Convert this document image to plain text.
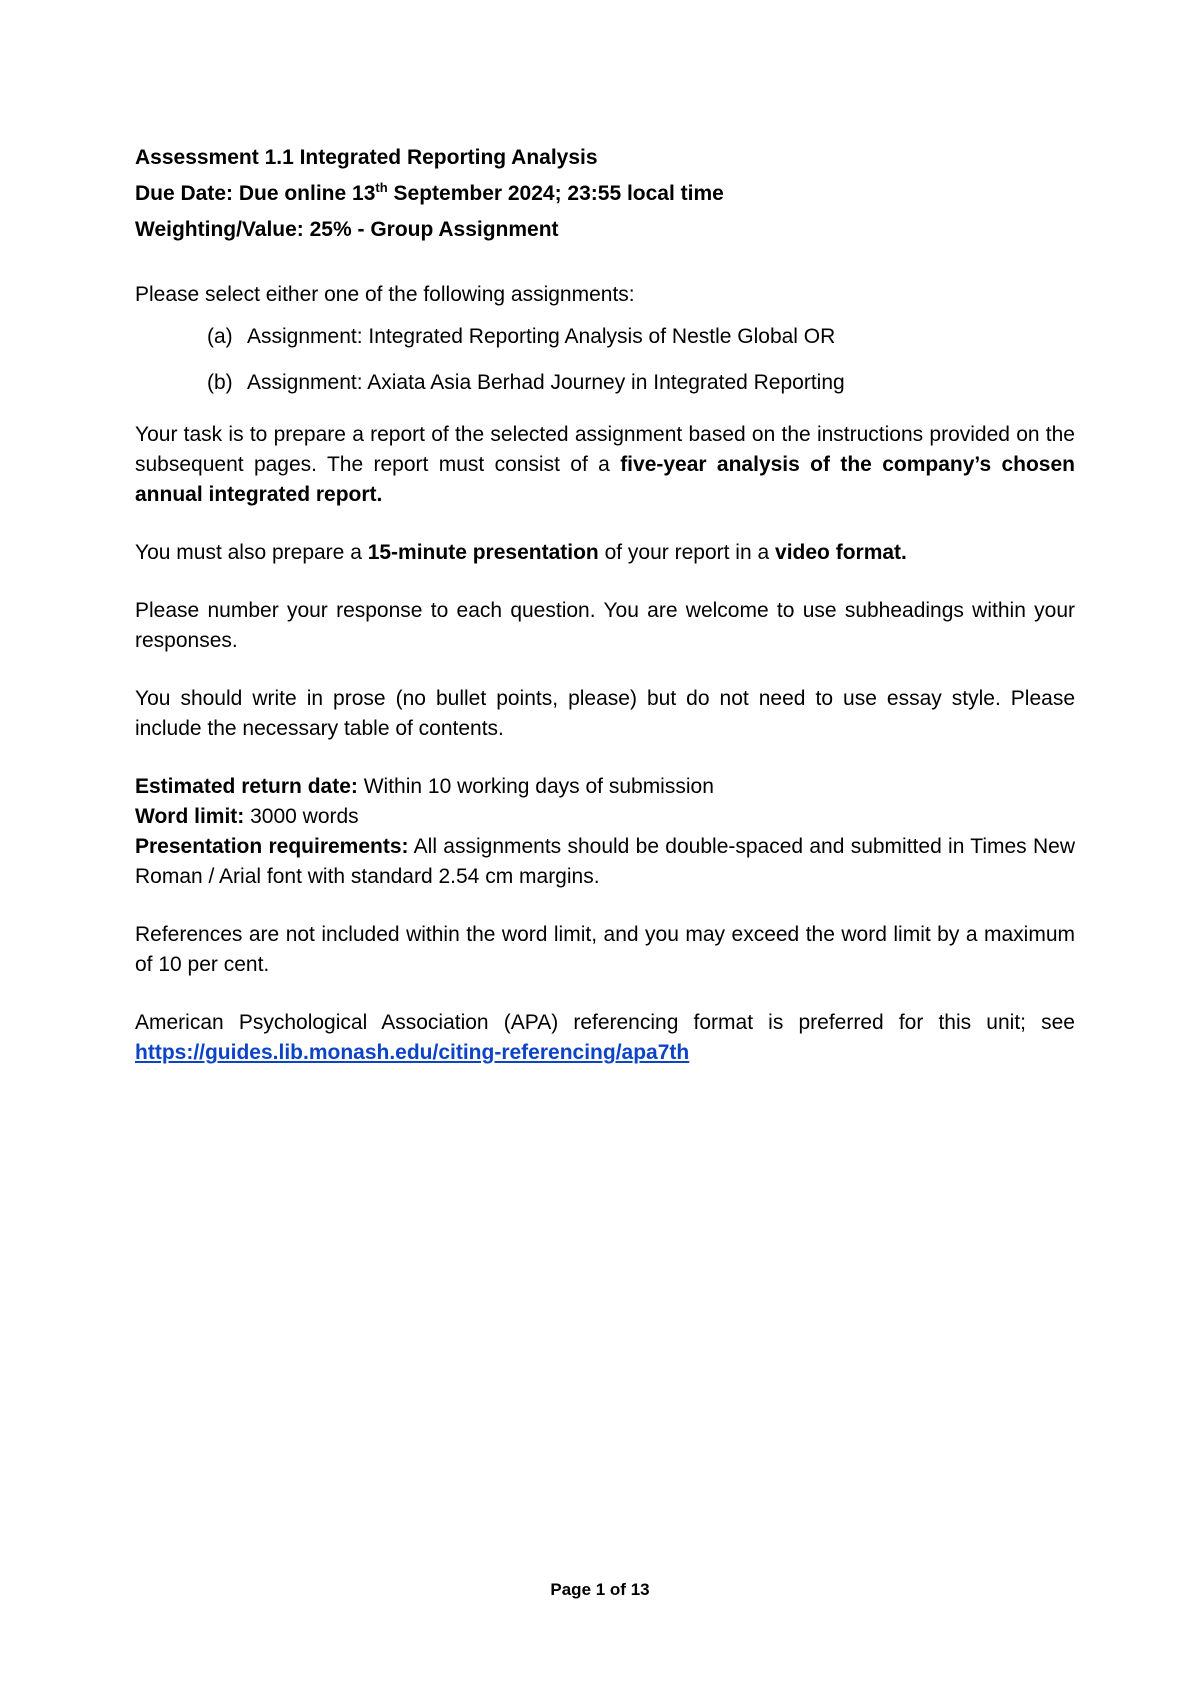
Assessment 1.1 Integrated Reporting Analysis

Due Date: Due online 13th September 2024; 23:55 local time

Weighting/Value: 25% - Group Assignment

Please select either one of the following assignments:

(a) Assignment: Integrated Reporting Analysis of Nestle Global OR
(b) Assignment: Axiata Asia Berhad Journey in Integrated Reporting

Your task is to prepare a report of the selected assignment based on the instructions provided on the subsequent pages. The report must consist of a five-year analysis of the company’s chosen annual integrated report.

You must also prepare a 15-minute presentation of your report in a video format.

Please number your response to each question. You are welcome to use subheadings within your responses.

You should write in prose (no bullet points, please) but do not need to use essay style. Please include the necessary table of contents.

Estimated return date: Within 10 working days of submission

Word limit: 3000 words

Presentation requirements: All assignments should be double-spaced and submitted in Times New Roman / Arial font with standard 2.54 cm margins.

References are not included within the word limit, and you may exceed the word limit by a maximum of 10 per cent.

American Psychological Association (APA) referencing format is preferred for this unit; see https://guides.lib.monash.edu/citing-referencing/apa7th

Page 1 of 13
